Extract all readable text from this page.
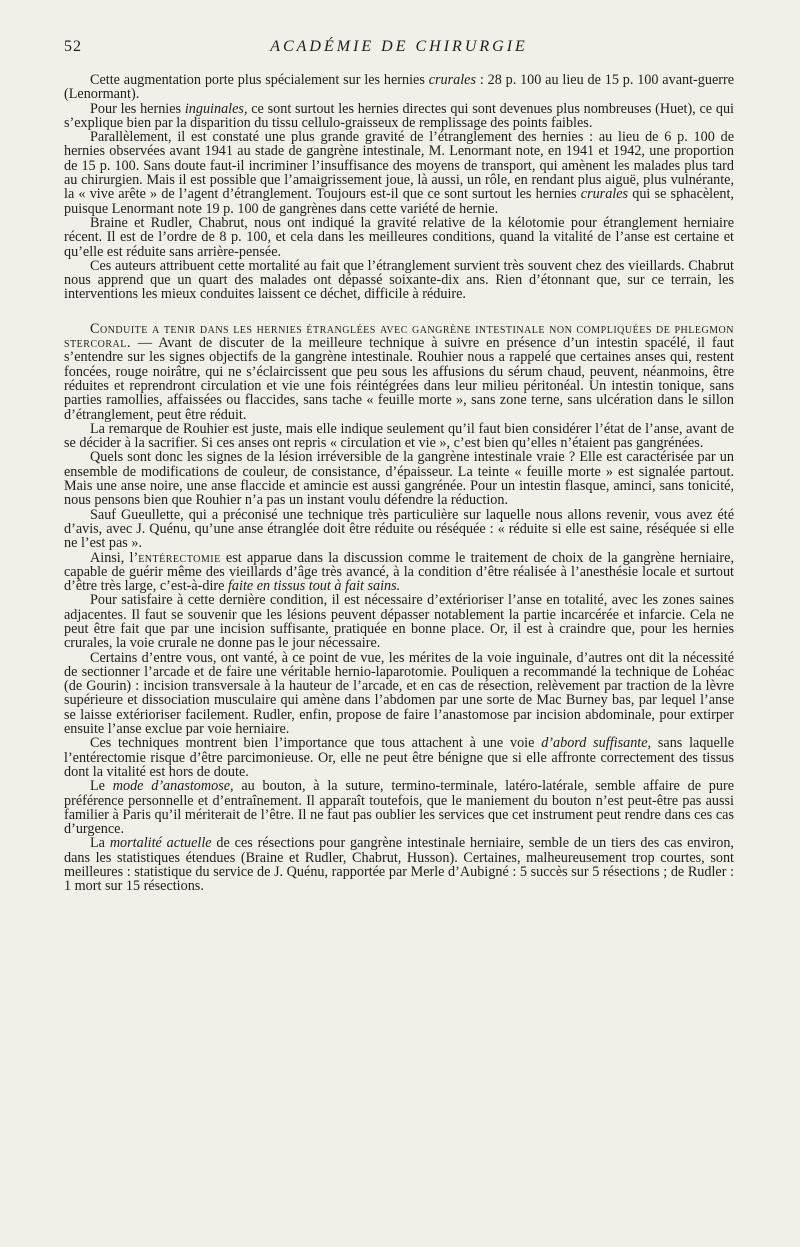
52	ACADÉMIE DE CHIRURGIE

Cette augmentation porte plus spécialement sur les hernies crurales : 28 p. 100 au lieu de 15 p. 100 avant-guerre (Lenormant).

Pour les hernies inguinales, ce sont surtout les hernies directes qui sont devenues plus nombreuses (Huet), ce qui s’explique bien par la disparition du tissu cellulo-graisseux de remplissage des points faibles.

Parallèlement, il est constaté une plus grande gravité de l’étranglement des hernies : au lieu de 6 p. 100 de hernies observées avant 1941 au stade de gangrène intestinale, M. Lenormant note, en 1941 et 1942, une proportion de 15 p. 100. Sans doute faut-il incriminer l’insuffisance des moyens de transport, qui amènent les malades plus tard au chirurgien. Mais il est possible que l’amaigrissement joue, là aussi, un rôle, en rendant plus aiguë, plus vulnérante, la « vive arête » de l’agent d’étranglement. Toujours est-il que ce sont surtout les hernies crurales qui se sphacèlent, puisque Lenormant note 19 p. 100 de gangrènes dans cette variété de hernie.

Braine et Rudler, Chabrut, nous ont indiqué la gravité relative de la kélotomie pour étranglement herniaire récent. Il est de l’ordre de 8 p. 100, et cela dans les meilleures conditions, quand la vitalité de l’anse est certaine et qu’elle est réduite sans arrière-pensée.

Ces auteurs attribuent cette mortalité au fait que l’étranglement survient très souvent chez des vieillards. Chabrut nous apprend que un quart des malades ont dépassé soixante-dix ans. Rien d’étonnant que, sur ce terrain, les interventions les mieux conduites laissent ce déchet, difficile à réduire.

Conduite a tenir dans les hernies étranglées avec gangrène intestinale non compliquées de phlegmon stercoral. — Avant de discuter de la meilleure technique à suivre en présence d’un intestin spacélé, il faut s’entendre sur les signes objectifs de la gangrène intestinale. Rouhier nous a rappelé que certaines anses qui, restent foncées, rouge noirâtre, qui ne s’éclaircissent que peu sous les affusions du sérum chaud, peuvent, néanmoins, être réduites et reprendront circulation et vie une fois réintégrées dans leur milieu péritonéal. Un intestin tonique, sans parties ramollies, affaissées ou flaccides, sans tache « feuille morte », sans zone terne, sans ulcération dans le sillon d’étranglement, peut être réduit.

La remarque de Rouhier est juste, mais elle indique seulement qu’il faut bien considérer l’état de l’anse, avant de se décider à la sacrifier. Si ces anses ont repris « circulation et vie », c’est bien qu’elles n’étaient pas gangrénées.

Quels sont donc les signes de la lésion irréversible de la gangrène intestinale vraie ? Elle est caractérisée par un ensemble de modifications de couleur, de consistance, d’épaisseur. La teinte « feuille morte » est signalée partout. Mais une anse noire, une anse flaccide et amincie est aussi gangrénée. Pour un intestin flasque, aminci, sans tonicité, nous pensons bien que Rouhier n’a pas un instant voulu défendre la réduction.

Sauf Gueullette, qui a préconisé une technique très particulière sur laquelle nous allons revenir, vous avez été d’avis, avec J. Quénu, qu’une anse étranglée doit être réduite ou réséquée : « réduite si elle est saine, réséquée si elle ne l’est pas ».

Ainsi, l’entérectomie est apparue dans la discussion comme le traitement de choix de la gangrène herniaire, capable de guérir même des vieillards d’âge très avancé, à la condition d’être réalisée à l’anesthésie locale et surtout d’être très large, c’est-à-dire faite en tissus tout à fait sains.

Pour satisfaire à cette dernière condition, il est nécessaire d’extérioriser l’anse en totalité, avec les zones saines adjacentes. Il faut se souvenir que les lésions peuvent dépasser notablement la partie incarcérée et infarcie. Cela ne peut être fait que par une incision suffisante, pratiquée en bonne place. Or, il est à craindre que, pour les hernies crurales, la voie crurale ne donne pas le jour nécessaire.

Certains d’entre vous, ont vanté, à ce point de vue, les mérites de la voie inguinale, d’autres ont dit la nécessité de sectionner l’arcade et de faire une véritable hernio-laparotomie. Pouliquen a recommandé la technique de Lohéac (de Gourin) : incision transversale à la hauteur de l’arcade, et en cas de résection, relèvement par traction de la lèvre supérieure et dissociation musculaire qui amène dans l’abdomen par une sorte de Mac Burney bas, par lequel l’anse se laisse extérioriser facilement. Rudler, enfin, propose de faire l’anastomose par incision abdominale, pour extirper ensuite l’anse exclue par voie herniaire.

Ces techniques montrent bien l’importance que tous attachent à une voie d’abord suffisante, sans laquelle l’entérectomie risque d’être parcimonieuse. Or, elle ne peut être bénigne que si elle affronte correctement des tissus dont la vitalité est hors de doute.

Le mode d’anastomose, au bouton, à la suture, termino-terminale, latéro-latérale, semble affaire de pure préférence personnelle et d’entraînement. Il apparaît toutefois, que le maniement du bouton n’est peut-être pas aussi familier à Paris qu’il mériterait de l’être. Il ne faut pas oublier les services que cet instrument peut rendre dans ces cas d’urgence.

La mortalité actuelle de ces résections pour gangrène intestinale herniaire, semble de un tiers des cas environ, dans les statistiques étendues (Braine et Rudler, Chabrut, Husson). Certaines, malheureusement trop courtes, sont meilleures : statistique du service de J. Quénu, rapportée par Merle d’Aubigné : 5 succès sur 5 résections ; de Rudler : 1 mort sur 15 résections.
